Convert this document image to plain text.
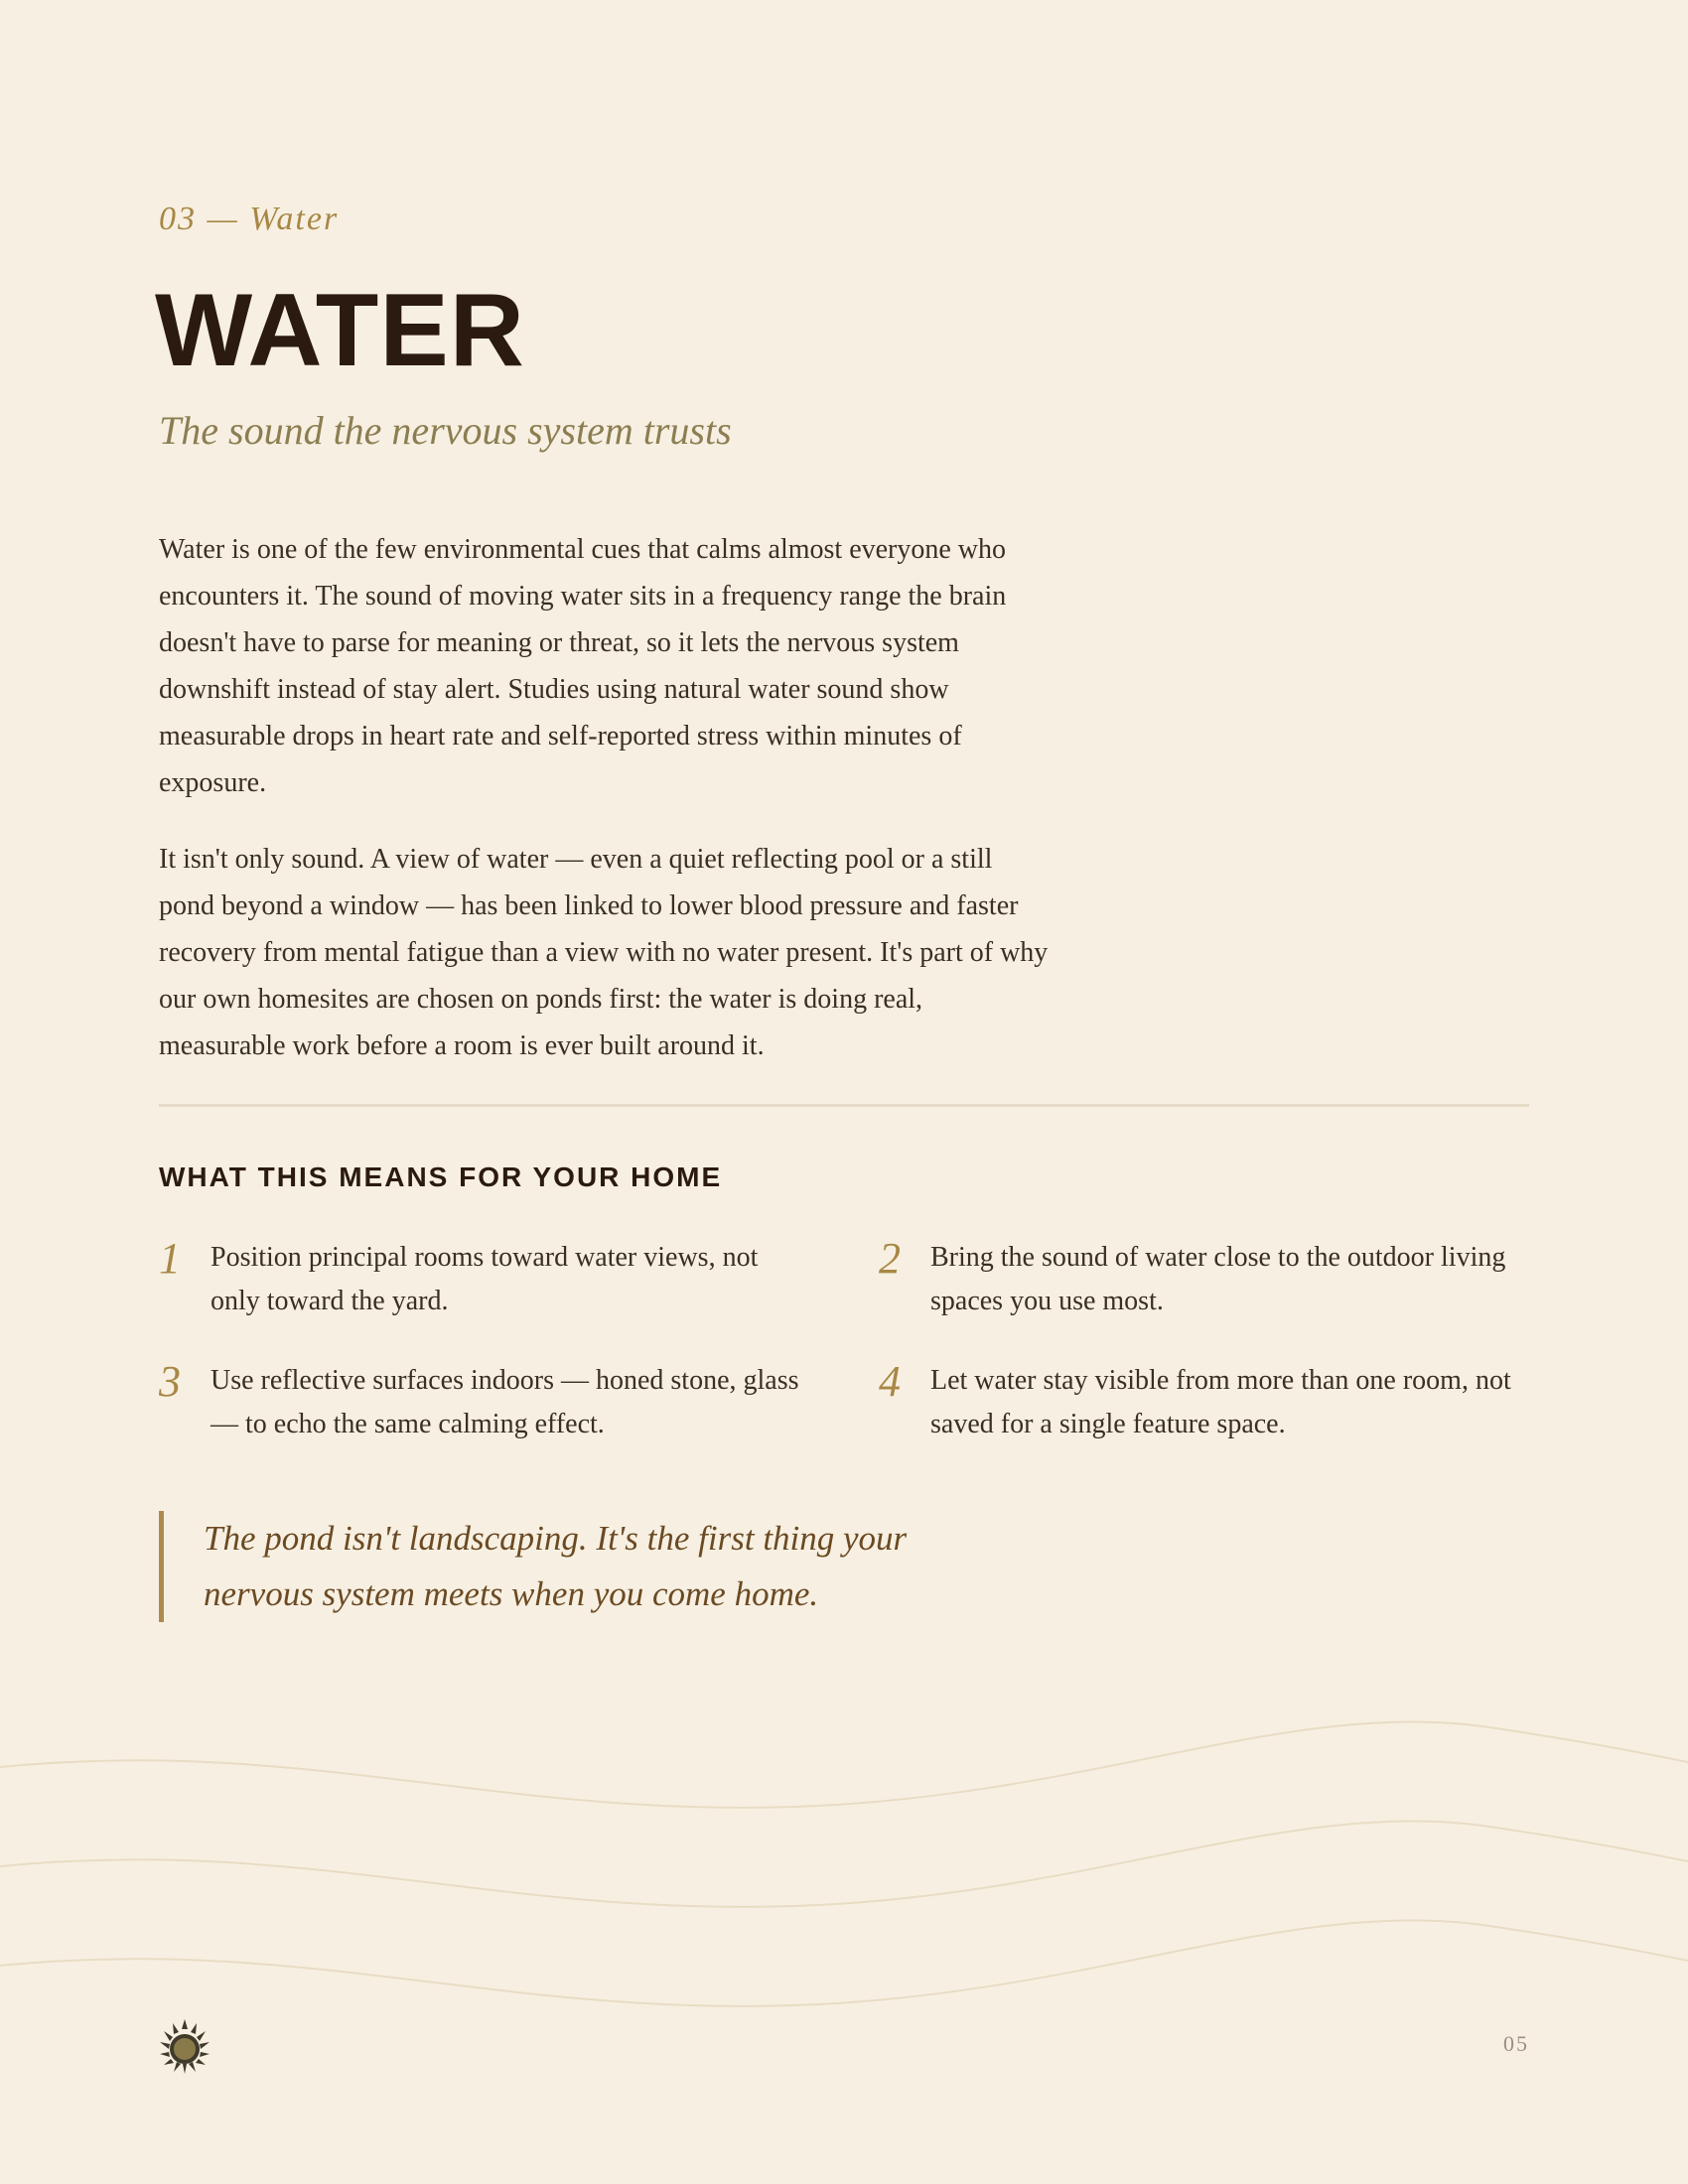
03 — Water

WATER

The sound the nervous system trusts

Water is one of the few environmental cues that calms almost everyone who encounters it. The sound of moving water sits in a frequency range the brain doesn't have to parse for meaning or threat, so it lets the nervous system downshift instead of stay alert. Studies using natural water sound show measurable drops in heart rate and self-reported stress within minutes of exposure.

It isn't only sound. A view of water — even a quiet reflecting pool or a still pond beyond a window — has been linked to lower blood pressure and faster recovery from mental fatigue than a view with no water present. It's part of why our own homesites are chosen on ponds first: the water is doing real, measurable work before a room is ever built around it.

WHAT THIS MEANS FOR YOUR HOME
1	Position principal rooms toward water views, not only toward the yard.
2	Bring the sound of water close to the outdoor living spaces you use most.
3	Use reflective surfaces indoors — honed stone, glass — to echo the same calming effect.
4	Let water stay visible from more than one room, not saved for a single feature space.
The pond isn't landscaping. It's the first thing your nervous system meets when you come home.

05
